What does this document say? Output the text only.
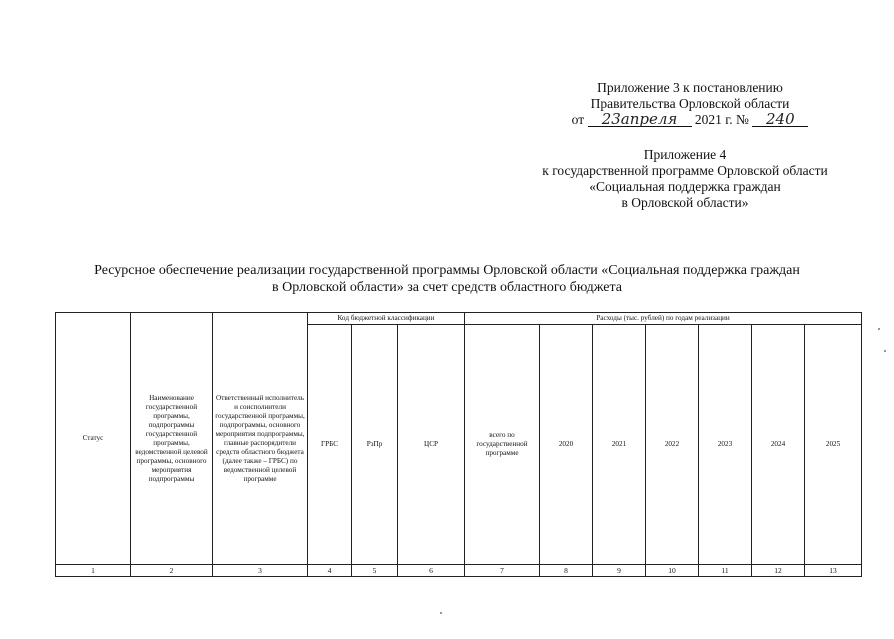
Приложение 3 к постановлению
Правительства Орловской области
от 23апреля 2021 г. № 240
Приложение 4
к государственной программе Орловской области
«Социальная поддержка граждан
в Орловской области»
Ресурсное обеспечение реализации государственной программы Орловской области «Социальная поддержка граждан
в Орловской области» за счет средств областного бюджета
Статус	Наименование государственной программы, подпрограммы государственной программы, ведомственной целевой программы, основного мероприятия подпрограммы	Ответственный исполнитель и соисполнители государственной программы, подпрограммы, основного мероприятия подпрограммы, главные распорядители средств областного бюджета (далее также – ГРБС) по ведомственной целевой программе	Код бюджетной классификации			Расходы (тыс. рублей) по годам реализации						
			ГРБС	РзПр	ЦСР	всего по государственной программе	2020	2021	2022	2023	2024	2025
1	2	3	4	5	6	7	8	9	10	11	12	13
